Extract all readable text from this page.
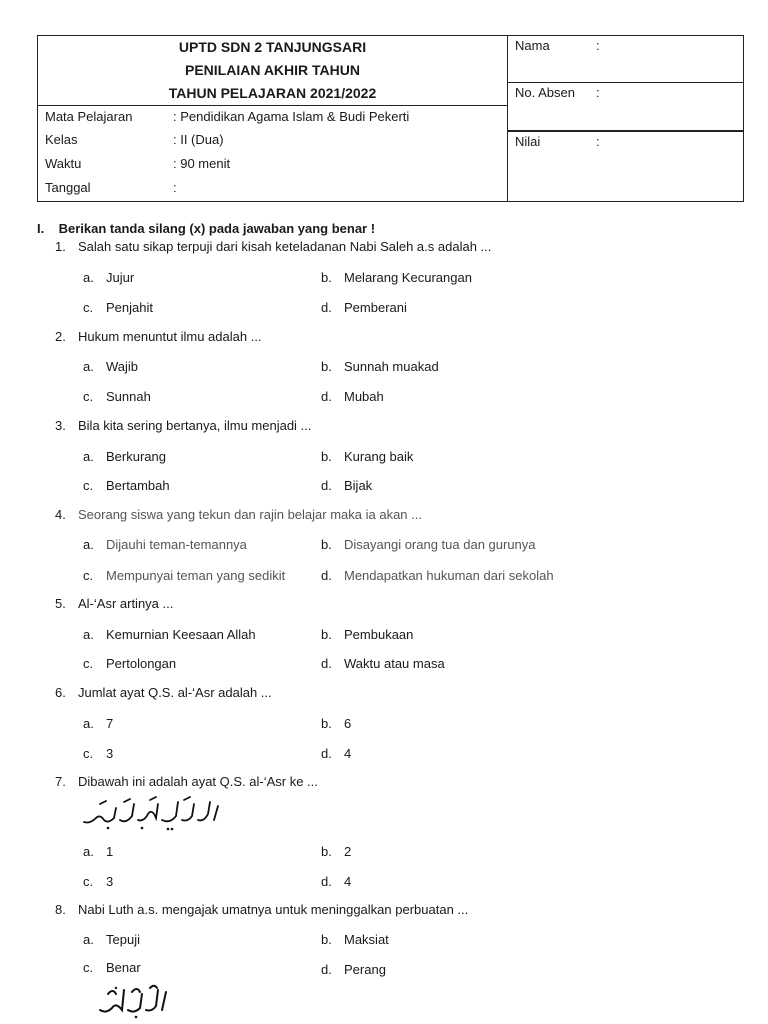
UPTD SDN 2 TANJUNGSARI
PENILAIAN AKHIR TAHUN
TAHUN PELAJARAN 2021/2022
Mata Pelajaran	: Pendidikan Agama Islam & Budi Pekerti
Kelas	: II (Dua)
Waktu	: 90 menit
Tanggal	:
Nama	:
No. Absen :
Nilai	:
I. Berikan tanda silang (x) pada jawaban yang benar !
1. Salah satu sikap terpuji dari kisah keteladanan Nabi Saleh a.s adalah ...
a. Jujur	b. Melarang Kecurangan
c. Penjahit	d. Pemberani
2. Hukum menuntut ilmu adalah ...
a. Wajib	b. Sunnah muakad
c. Sunnah	d. Mubah
3. Bila kita sering bertanya, ilmu menjadi ...
a. Berkurang	b. Kurang baik
c. Bertambah	d. Bijak
4. Seorang siswa yang tekun dan rajin belajar maka ia akan ...
a. Dijauhi teman-temannya	b. Disayangi orang tua dan gurunya
c. Mempunyai teman yang sedikit	d. Mendapatkan hukuman dari sekolah
5. Al-‘Asr artinya ...
a. Kemurnian Keesaan Allah	b. Pembukaan
c. Pertolongan	d. Waktu atau masa
6. Jumlat ayat Q.S. al-‘Asr adalah ...
a. 7	b. 6
c. 3	d. 4
7. Dibawah ini adalah ayat Q.S. al-‘Asr ke ...
a. 1	b. 2
c. 3	d. 4
8. Nabi Luth a.s. mengajak umatnya untuk meninggalkan perbuatan ...
a. Tepuji	b. Maksiat
c. Benar	d. Perang
